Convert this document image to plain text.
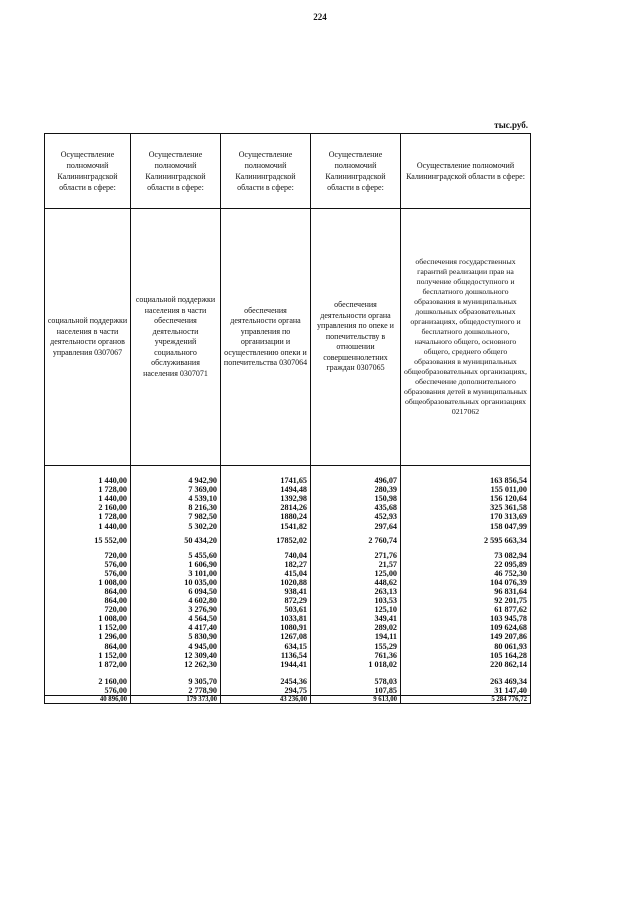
224
тыс.руб.
Осуществление полномочий Калининградской области в сфере:	Осуществление полномочий Калининградской области в сфере:	Осуществление полномочий Калининградской области в сфере:	Осуществление полномочий Калининградской области в сфере:	Осуществление полномочий Калининградской области в сфере:
социальной поддержки населения в части деятельности органов управления 0307067	социальной поддержки населения в части обеспечения деятельности учреждений социального обслуживания населения 0307071	обеспечения деятельности органа управления по организации и осуществлению опеки и попечительства 0307064	обеспечения деятельности органа управления по опеке и попечительству в отношении совершеннолетних граждан 0307065	обеспечения государственных гарантий реализации прав на получение общедоступного и бесплатного дошкольного образования в муниципальных дошкольных образовательных организациях, общедоступного и бесплатного дошкольного, начального общего, основного общего, среднего общего образования в муниципальных общеобразовательных организациях, обеспечение дополнительного образования детей в муниципальных общеобразовательных организациях 0217062

1 440,00	4 942,90	1741,65	496,07	163 856,54
1 728,00	7 369,00	1494,48	280,39	155 011,00
1 440,00	4 539,10	1392,98	150,98	156 120,64
2 160,00	8 216,30	2814,26	435,68	325 361,58
1 728,00	7 982,50	1880,24	452,93	170 313,69
1 440,00	5 302,20	1541,82	297,64	158 047,99
15 552,00	50 434,20	17852,02	2 760,74	2 595 663,34
720,00	5 455,60	740,04	271,76	73 082,94
576,00	1 606,90	182,27	21,57	22 095,89
576,00	3 101,00	415,04	125,00	46 752,30
1 008,00	10 035,00	1020,88	448,62	104 076,39
864,00	6 094,50	938,41	263,13	96 831,64
864,00	4 602,80	872,29	103,53	92 201,75
720,00	3 276,90	503,61	125,10	61 877,62
1 008,00	4 564,50	1033,81	349,41	103 945,78
1 152,00	4 417,40	1080,91	289,02	109 624,68
1 296,00	5 830,90	1267,08	194,11	149 207,86
864,00	4 945,00	634,15	155,29	80 061,93
1 152,00	12 309,40	1136,54	761,36	105 164,28
1 872,00	12 262,30	1944,41	1 018,02	220 862,14

2 160,00	9 305,70	2454,36	578,03	263 469,34
576,00	2 778,90	294,75	107,85	31 147,40
40 896,00	179 373,00	43 236,00	9 613,00	5 284 776,72
